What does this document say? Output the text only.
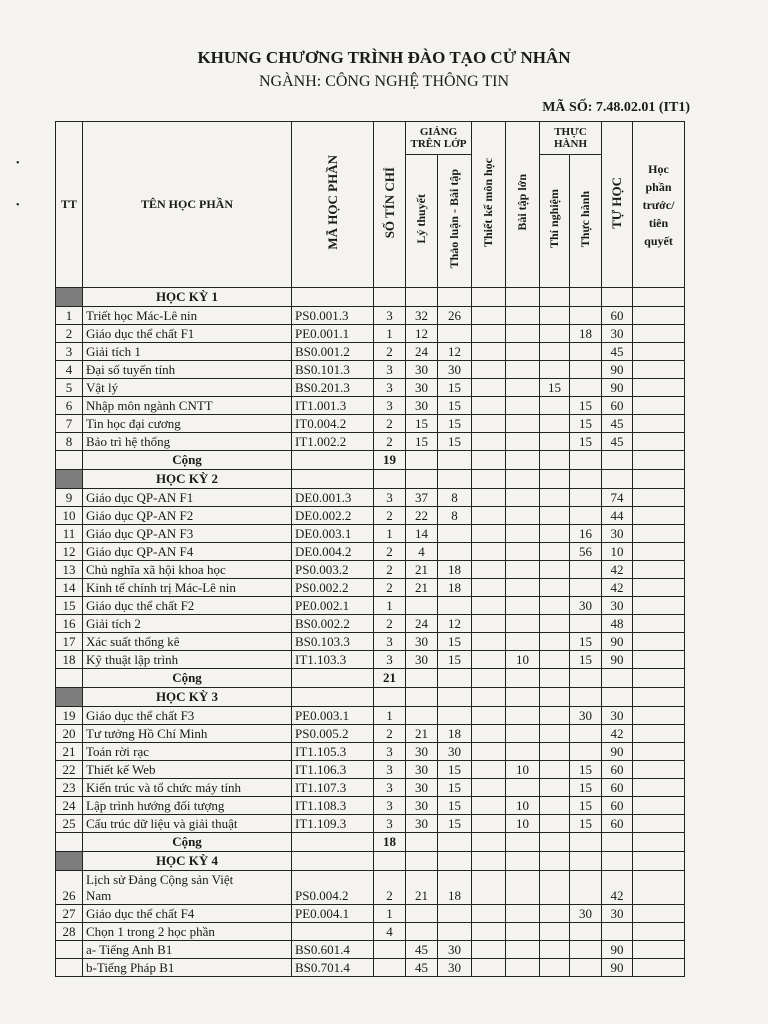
KHUNG CHƯƠNG TRÌNH ĐÀO TẠO CỬ NHÂN
NGÀNH: CÔNG NGHỆ THÔNG TIN
MÃ SỐ: 7.48.02.01 (IT1)
•
•	TT	TÊN HỌC PHẦN	MÃ HỌC PHẦN	SỐ TÍN CHỈ	GIẢNG TRÊN LỚP		Thiết kế môn học	Bài tập lớn	THỰC HÀNH		TỰ HỌC	Học phần trước/ tiên quyết
				Lý thuyết	Thảo luận - Bài tập			Thí nghiệm	Thực hành		
	HỌC KỲ 1										
1	Triết học Mác-Lê nin	PS0.001.3	3	32	26					60	
2	Giáo dục thể chất F1	PE0.001.1	1	12					18	30	
3	Giải tích 1	BS0.001.2	2	24	12					45	
4	Đại số tuyến tính	BS0.101.3	3	30	30					90	
5	Vật lý	BS0.201.3	3	30	15			15		90	
6	Nhập môn ngành CNTT	IT1.001.3	3	30	15				15	60	
7	Tin học đại cương	IT0.004.2	2	15	15				15	45	
8	Bảo trì hệ thống	IT1.002.2	2	15	15				15	45	
	Cộng		19								
	HỌC KỲ 2										
9	Giáo dục QP-AN F1	DE0.001.3	3	37	8					74	
10	Giáo dục QP-AN F2	DE0.002.2	2	22	8					44	
11	Giáo dục QP-AN F3	DE0.003.1	1	14					16	30	
12	Giáo dục QP-AN F4	DE0.004.2	2	4					56	10	
13	Chủ nghĩa xã hội khoa học	PS0.003.2	2	21	18					42	
14	Kinh tế chính trị Mác-Lê nin	PS0.002.2	2	21	18					42	
15	Giáo dục thể chất F2	PE0.002.1	1						30	30	
16	Giải tích 2	BS0.002.2	2	24	12					48	
17	Xác suất thống kê	BS0.103.3	3	30	15				15	90	
18	Kỹ thuật lập trình	IT1.103.3	3	30	15		10		15	90	
	Cộng		21								
	HỌC KỲ 3										
19	Giáo dục thể chất F3	PE0.003.1	1						30	30	
20	Tư tưởng Hồ Chí Minh	PS0.005.2	2	21	18					42	
21	Toán rời rạc	IT1.105.3	3	30	30					90	
22	Thiết kế Web	IT1.106.3	3	30	15		10		15	60	
23	Kiến trúc và tổ chức máy tính	IT1.107.3	3	30	15				15	60	
24	Lập trình hướng đối tượng	IT1.108.3	3	30	15		10		15	60	
25	Cấu trúc dữ liệu và giải thuật	IT1.109.3	3	30	15		10		15	60	
	Cộng		18								
	HỌC KỲ 4										
26	Lịch sử Đảng Cộng sản Việt
Nam	PS0.004.2	2	21	18					42	
27	Giáo dục thể chất F4	PE0.004.1	1						30	30	
28	Chọn 1 trong 2 học phần		4								
	a- Tiếng Anh B1	BS0.601.4		45	30					90	
	b-Tiếng Pháp B1	BS0.701.4		45	30					90	
